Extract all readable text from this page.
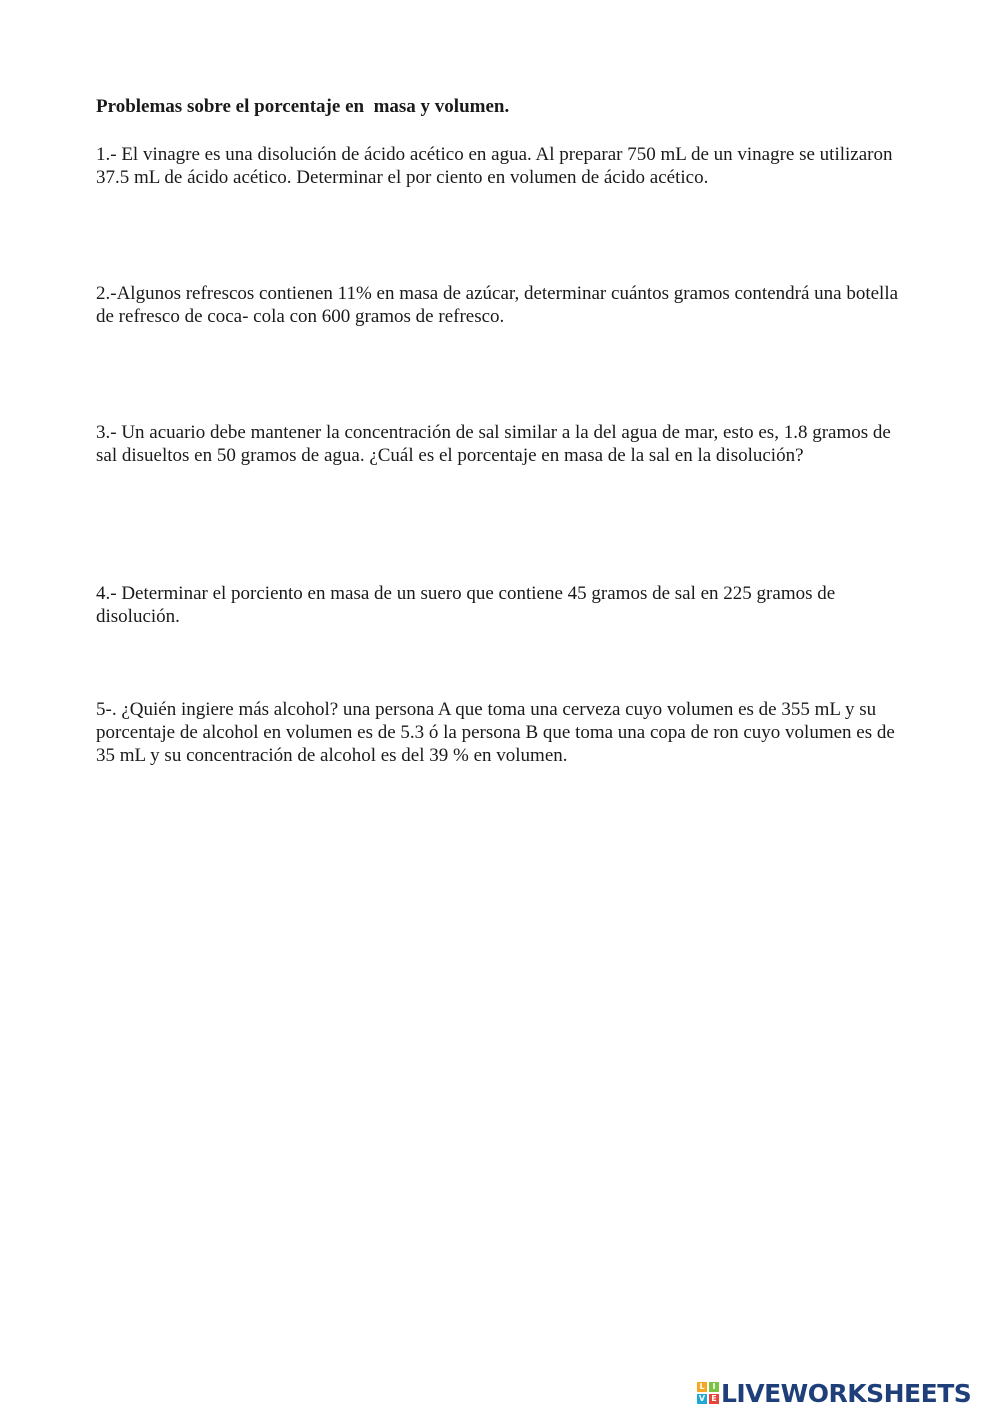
Problemas sobre el porcentaje en  masa y volumen.
1.- El vinagre es una disolución de ácido acético en agua. Al preparar 750 mL de un vinagre se utilizaron 37.5 mL de ácido acético. Determinar el por ciento en volumen de ácido acético.
2.-Algunos refrescos contienen 11% en masa de azúcar, determinar cuántos gramos contendrá una botella de refresco de coca- cola con 600 gramos de refresco.
3.- Un acuario debe mantener la concentración de sal similar a la del agua de mar, esto es, 1.8 gramos de sal disueltos en 50 gramos de agua. ¿Cuál es el porcentaje en masa de la sal en la disolución?
4.- Determinar el porciento en masa de un suero que contiene 45 gramos de sal en 225 gramos de disolución.
5-. ¿Quién ingiere más alcohol? una persona A que toma una cerveza cuyo volumen es de 355 mL y su porcentaje de alcohol en volumen es de 5.3 ó la persona B que toma una copa de ron cuyo volumen es de 35 mL y su concentración de alcohol es del 39 % en volumen.
L I
V E LIVEWORKSHEETS
